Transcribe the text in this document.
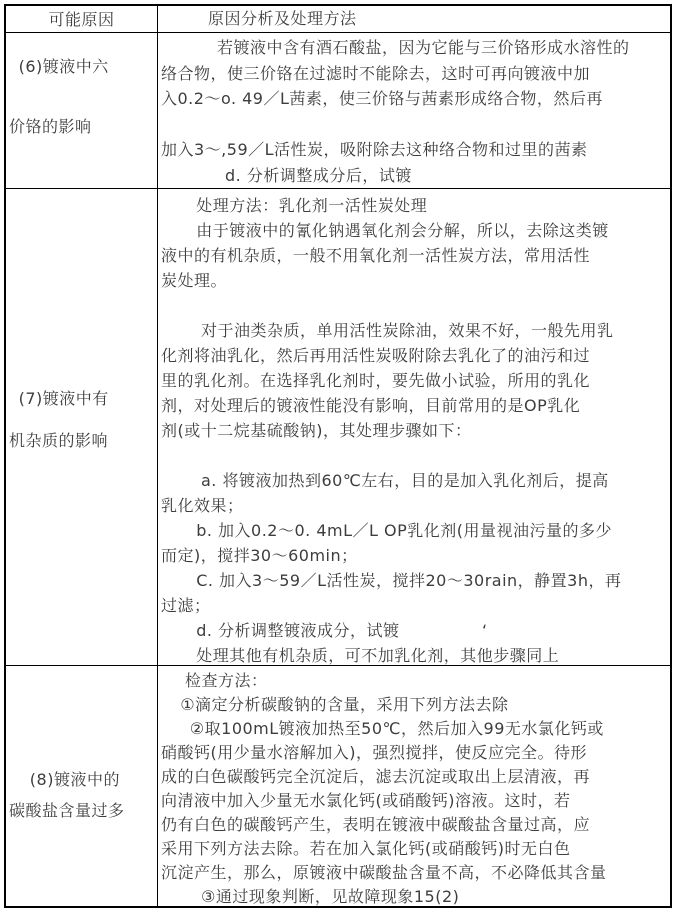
可能原因	原因分析及处理方法
(6)镀液中六
价铬的影响
若镀液中含有酒石酸盐，因为它能与三价铬形成水溶性的
络合物，使三价铬在过滤时不能除去，这时可再向镀液中加
入0.2～o. 49／L茜素，使三价铬与茜素形成络合物，然后再

加入3～,59／L活性炭，吸附除去这种络合物和过里的茜素
d. 分析调整成分后，试镀
(7)镀液中有
机杂质的影响
处理方法：乳化剂一活性炭处理
由于镀液中的氰化钠遇氧化剂会分解，所以，去除这类镀
液中的有机杂质，一般不用氧化剂一活性炭方法，常用活性
炭处理。

对于油类杂质，单用活性炭除油，效果不好，一般先用乳
化剂将油乳化，然后再用活性炭吸附除去乳化了的油污和过
里的乳化剂。在选择乳化剂时，要先做小试验，所用的乳化
剂，对处理后的镀液性能没有影响，目前常用的是OP乳化
剂(或十二烷基硫酸钠)，其处理步骤如下：

a. 将镀液加热到60℃左右，目的是加入乳化剂后，提高
乳化效果；
b. 加入0.2～0. 4mL／L OP乳化剂(用量视油污量的多少
而定)，搅拌30～60min；
C. 加入3～59／L活性炭，搅拌20～30rain，静置3h，再
过滤；
d. 分析调整镀液成分，试镀　　　　　‘
处理其他有机杂质，可不加乳化剂，其他步骤同上
(8)镀液中的
碳酸盐含量过多
检查方法：
①滴定分析碳酸钠的含量，采用下列方法去除
②取100mL镀液加热至50℃，然后加入99无水氯化钙或
硝酸钙(用少量水溶解加入)，强烈搅拌，使反应完全。待形
成的白色碳酸钙完全沉淀后，滤去沉淀或取出上层清液，再
向清液中加入少量无水氯化钙(或硝酸钙)溶液。这时，若
仍有白色的碳酸钙产生，表明在镀液中碳酸盐含量过高，应
采用下列方法去除。若在加入氯化钙(或硝酸钙)时无白色
沉淀产生，那么，原镀液中碳酸盐含量不高，不必降低其含量
③通过现象判断，见故障现象15(2)
